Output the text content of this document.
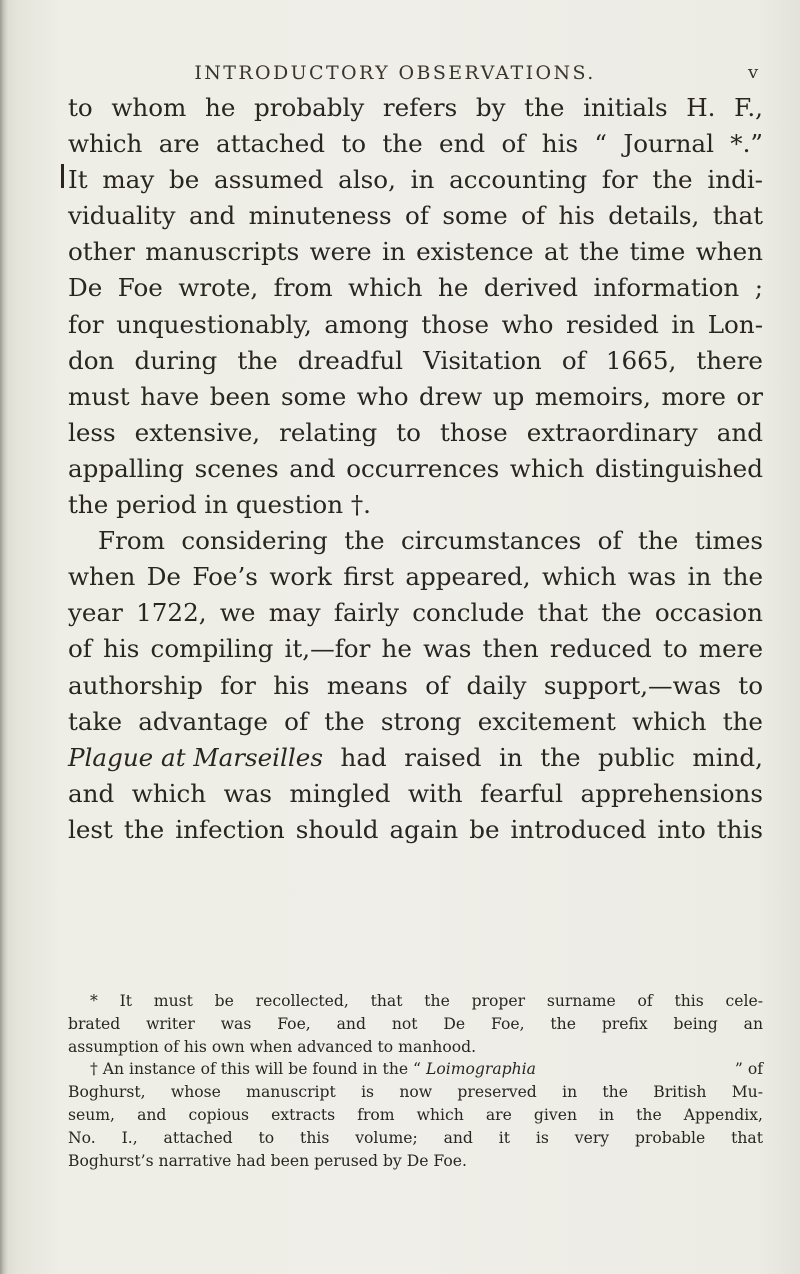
INTRODUCTORY OBSERVATIONS.	v
to whom he probably refers by the initials H. F.,
which are attached to the end of his “ Journal *.”
It may be assumed also, in accounting for the indi-
viduality and minuteness of some of his details, that
other manuscripts were in existence at the time when
De Foe wrote, from which he derived information ;
for unquestionably, among those who resided in Lon-
don during the dreadful Visitation of 1665, there
must have been some who drew up memoirs, more or
less extensive, relating to those extraordinary and
appalling scenes and occurrences which distinguished
the period in question †.
From considering the circumstances of the times
when De Foe’s work first appeared, which was in the
year 1722, we may fairly conclude that the occasion
of his compiling it,—for he was then reduced to mere
authorship for his means of daily support,—was to
take advantage of the strong excitement which the
Plague at Marseilles had raised in the public mind,
and which was mingled with fearful apprehensions
lest the infection should again be introduced into this
* It must be recollected, that the proper surname of this cele-
brated writer was Foe, and not De Foe, the prefix being an
assumption of his own when advanced to manhood.
† An instance of this will be found in the “ Loimographia	” of
Boghurst, whose manuscript is now preserved in the British Mu-
seum, and copious extracts from which are given in the Appendix,
No. I., attached to this volume; and it is very probable that
Boghurst’s narrative had been perused by De Foe.
